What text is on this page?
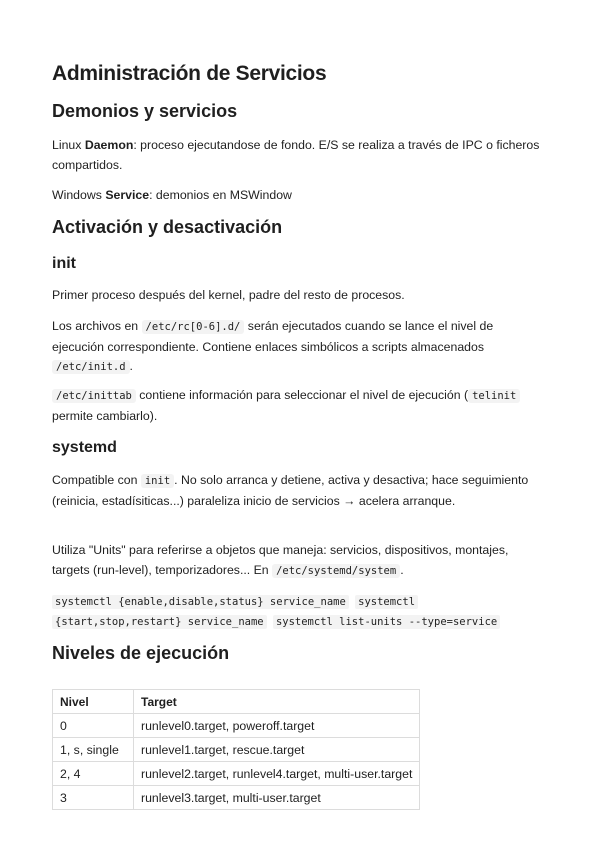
Administración de Servicios
Demonios y servicios

Linux Daemon: proceso ejecutandose de fondo. E/S se realiza a través de IPC o ficheros compartidos.

Windows Service: demonios en MSWindow

Activación y desactivación
init

Primer proceso después del kernel, padre del resto de procesos.

Los archivos en /etc/rc[0-6].d/ serán ejecutados cuando se lance el nivel de ejecución correspondiente. Contiene enlaces simbólicos a scripts almacenados /etc/init.d .

/etc/inittab contiene información para seleccionar el nivel de ejecución ( telinit permite cambiarlo).

systemd

Compatible con init . No solo arranca y detiene, activa y desactiva; hace seguimiento (reinicia, estadísiticas...) paraleliza inicio de servicios → acelera arranque.

Utiliza "Units" para referirse a objetos que maneja: servicios, dispositivos, montajes, targets (run-level), temporizadores... En /etc/systemd/system .

systemctl {enable,disable,status} service_name systemctl
{start,stop,restart} service_name systemctl list-units --type=service
Niveles de ejecución
Nivel	Target
0	runlevel0.target, poweroff.target
1, s, single	runlevel1.target, rescue.target
2, 4	runlevel2.target, runlevel4.target, multi-user.target
3	runlevel3.target, multi-user.target
